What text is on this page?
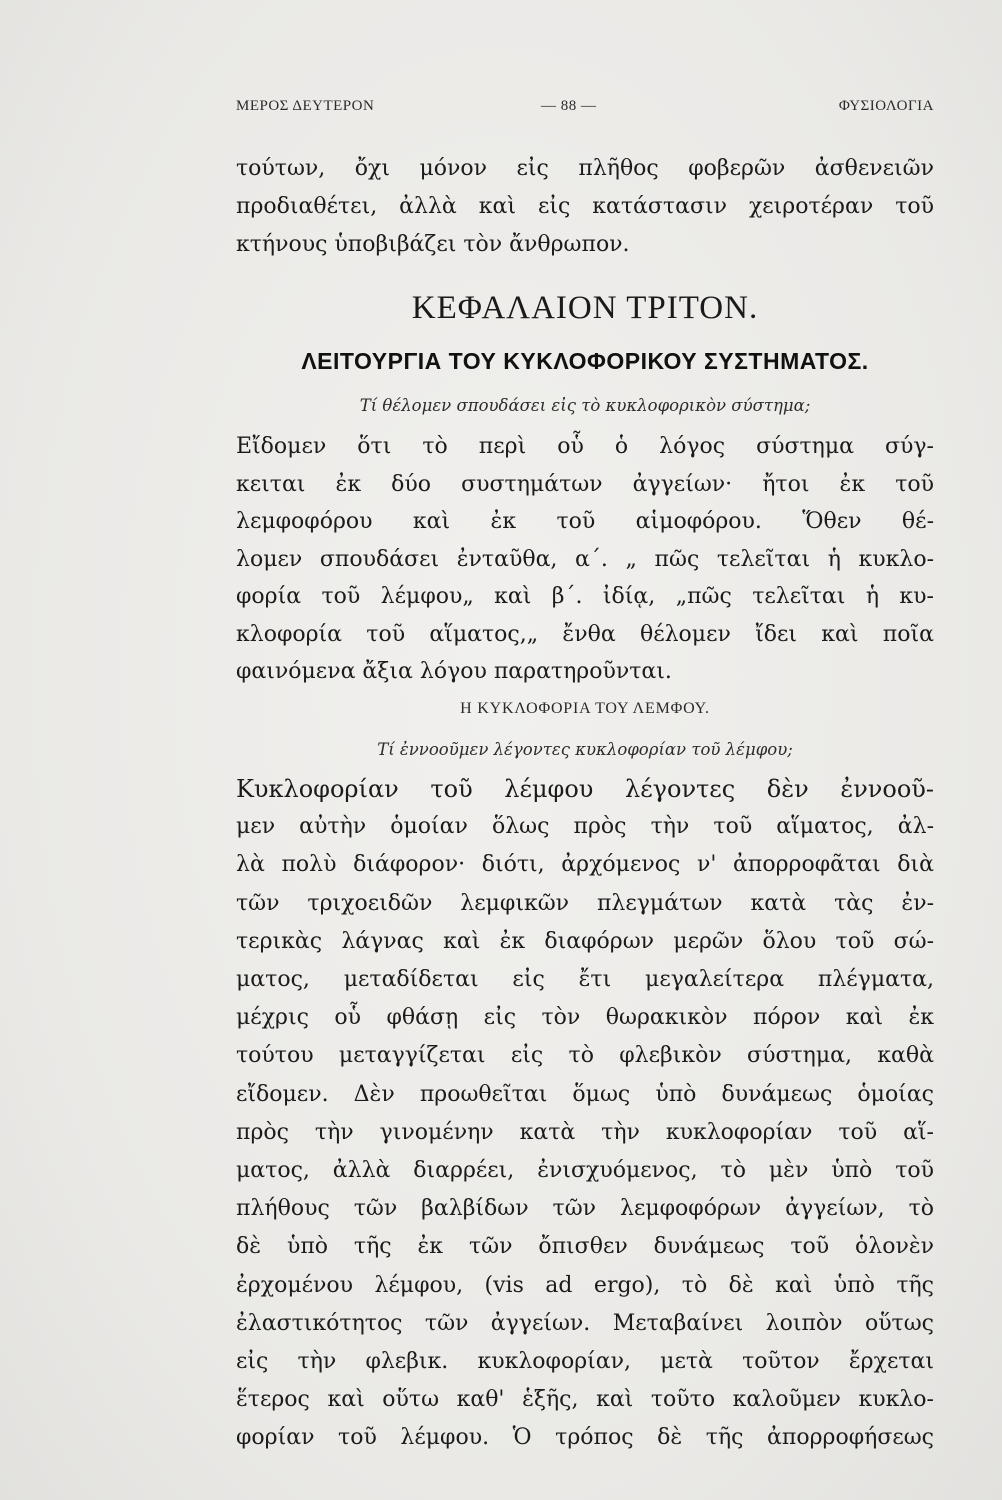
ΜΕΡΟΣ ΔΕΥΤΕΡΟΝ	— 88 —	ΦΥΣΙΟΛΟΓΙΑ
τούτων, ὄχι μόνον εἰς πλῆθος φοβερῶν ἀσθενειῶν
προδιαθέτει, ἀλλὰ καὶ εἰς κατάστασιν χειροτέραν τοῦ
κτήνους ὑποβιβάζει τὸν ἄνθρωπον.
ΚΕΦΑΛΑΙΟΝ ΤΡΙΤΟΝ.
ΛΕΙΤΟΥΡΓΙΑ ΤΟΥ ΚΥΚΛΟΦΟΡΙΚΟΥ ΣΥΣΤΗΜΑΤΟΣ.
Τί θέλομεν σπουδάσει εἰς τὸ κυκλοφορικὸν σύστημα;
Εἴδομεν ὅτι τὸ περὶ οὗ ὁ λόγος σύστημα σύγ-
κειται ἐκ δύο συστημάτων ἀγγείων· ἤτοι ἐκ τοῦ
λεμφοφόρου καὶ ἐκ τοῦ αἱμοφόρου. Ὅθεν θέ-
λομεν σπουδάσει ἐνταῦθα, α΄. „ πῶς τελεῖται ἡ κυκλο-
φορία τοῦ λέμφου„ καὶ β΄. ἰδίᾳ, „πῶς τελεῖται ἡ κυ-
κλοφορία τοῦ αἵματος,„ ἔνθα θέλομεν ἴδει καὶ ποῖα
φαινόμενα ἄξια λόγου παρατηροῦνται.
Η ΚΥΚΛΟΦΟΡΙΑ ΤΟΥ ΛΕΜΦΟΥ.
Τί ἐννοοῦμεν λέγοντες κυκλοφορίαν τοῦ λέμφου;
Κυκλοφορίαν τοῦ λέμφου λέγοντες δὲν ἐννοοῦ-
μεν αὐτὴν ὁμοίαν ὅλως πρὸς τὴν τοῦ αἵματος, ἀλ-
λὰ πολὺ διάφορον· διότι, ἀρχόμενος ν' ἀπορροφᾶται διὰ
τῶν τριχοειδῶν λεμφικῶν πλεγμάτων κατὰ τὰς ἐν-
τερικὰς λάγνας καὶ ἐκ διαφόρων μερῶν ὅλου τοῦ σώ-
ματος, μεταδίδεται εἰς ἔτι μεγαλείτερα πλέγματα,
μέχρις οὗ φθάσῃ εἰς τὸν θωρακικὸν πόρον καὶ ἐκ
τούτου μεταγγίζεται εἰς τὸ φλεβικὸν σύστημα, καθὰ
εἴδομεν. Δὲν προωθεῖται ὅμως ὑπὸ δυνάμεως ὁμοίας
πρὸς τὴν γινομένην κατὰ τὴν κυκλοφορίαν τοῦ αἵ-
ματος, ἀλλὰ διαρρέει, ἐνισχυόμενος, τὸ μὲν ὑπὸ τοῦ
πλήθους τῶν βαλβίδων τῶν λεμφοφόρων ἀγγείων, τὸ
δὲ ὑπὸ τῆς ἐκ τῶν ὄπισθεν δυνάμεως τοῦ ὁλονὲν
ἐρχομένου λέμφου, (vis ad ergo), τὸ δὲ καὶ ὑπὸ τῆς
ἐλαστικότητος τῶν ἀγγείων. Μεταβαίνει λοιπὸν οὕτως
εἰς τὴν φλεβικ. κυκλοφορίαν, μετὰ τοῦτον ἔρχεται
ἕτερος καὶ οὕτω καθ' ἑξῆς, καὶ τοῦτο καλοῦμεν κυκλο-
φορίαν τοῦ λέμφου. Ὁ τρόπος δὲ τῆς ἀπορροφήσεως
